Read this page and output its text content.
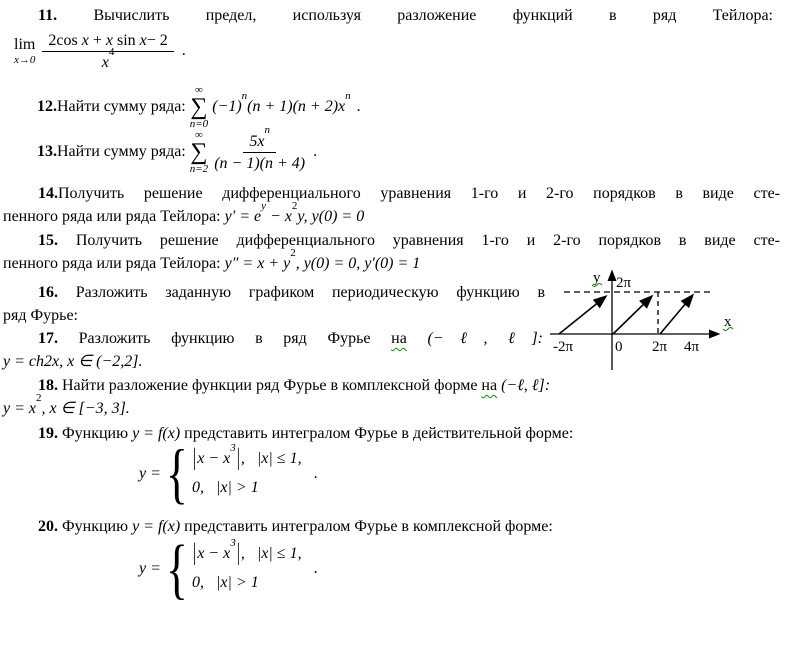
11. Вычислить предел, используя разложение функций в ряд Тейлора:
lim
$x\to 0 \frac{\text{2cos x + x sin x− 2}}{x^4}$ .
12.Найти сумму ряда:
∞
∑
n=0
$(-1)^n(n + 1)(n + 2)x^n$.
13.Найти сумму ряда:
∞
∑
$n=2 \frac{5x^n}{(n - 1)(n + 4)}$ .
14.Получить решение дифференциального уравнения 1-го и 2-го порядков в виде сте-
пенного ряда или ряда Тейлора: $y' = e^y - x^2y$, y(0) = 0
15. Получить решение дифференциального уравнения 1-го и 2-го порядков в виде сте-
пенного ряда или ряда Тейлора: $y'' = x + y^2$, y(0) = 0, y′(0) = 1
16. Разложить заданную графиком периодическую функцию в
ряд Фурье:
17. Разложить функцию в ряд Фурье на (−ℓ, ℓ]:
y = ch2x, x ∈ (−2,2].
18. Найти разложение функции ряд Фурье в комплексной форме на (−ℓ, ℓ]:
$y = x^2$, x ∈ [−3, 3].
19. Функцию y = f(x) представить интегралом Фурье в действительной форме:
y = { $|x - x^3|$, |x| ≤ 1,
0, |x| > 1
.
20. Функцию y = f(x) представить интегралом Фурье в комплексной форме:
y = { $|x - x^3|$, |x| ≤ 1,
0, |x| > 1
.
y 2π
x
-2π	0 2π 4π
